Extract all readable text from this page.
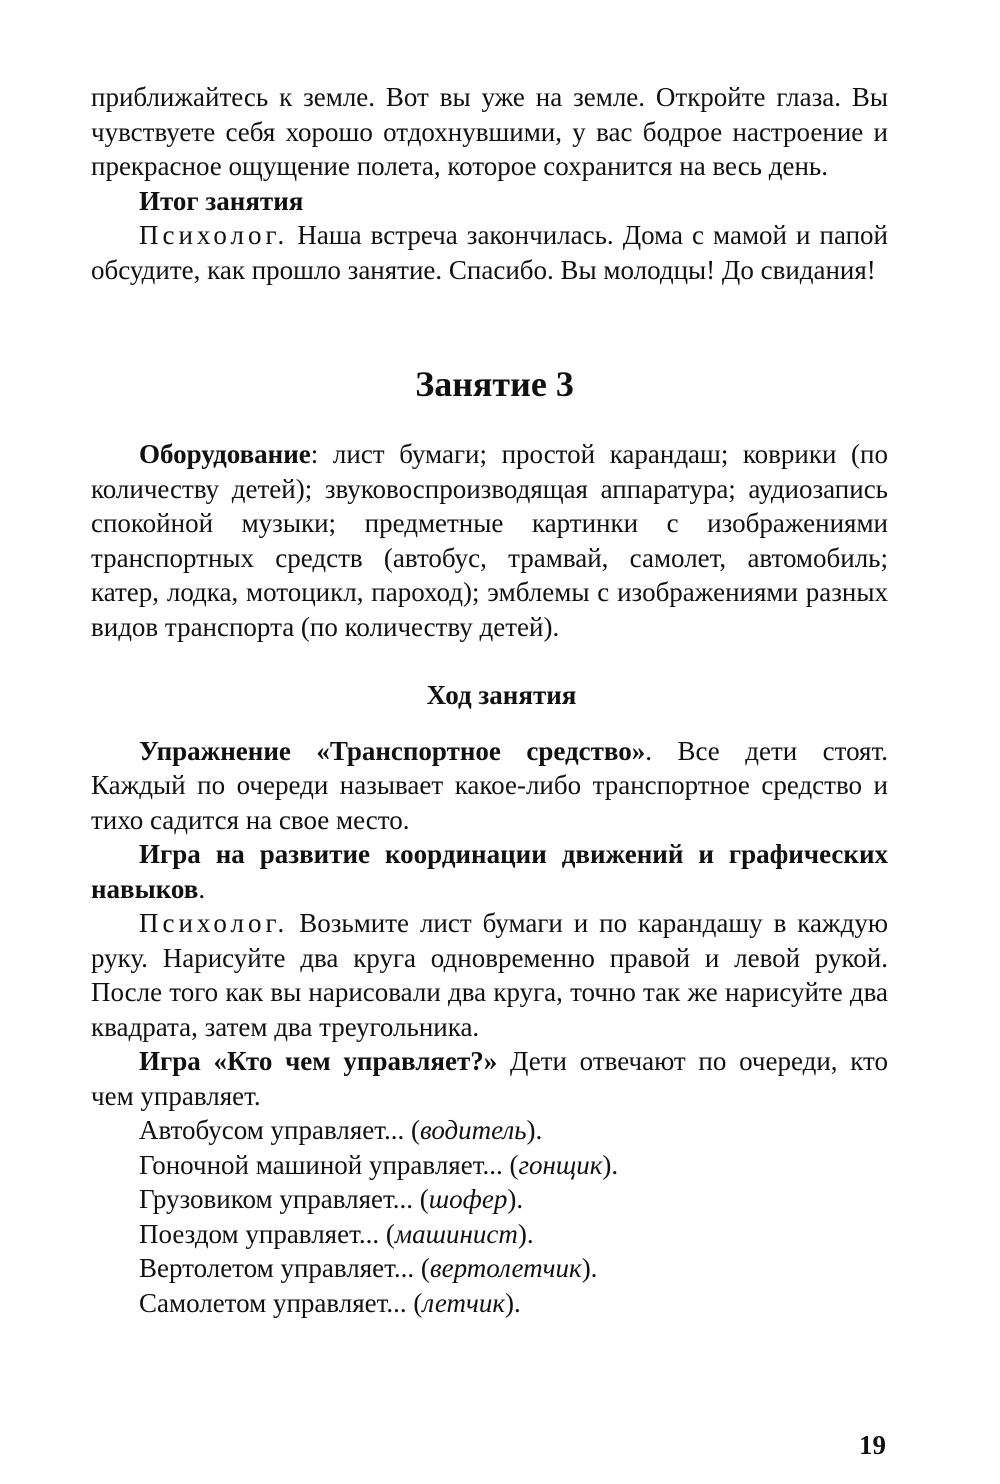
приближайтесь к земле. Вот вы уже на земле. Откройте глаза. Вы чувствуете себя хорошо отдохнувшими, у вас бодрое настроение и прекрасное ощущение полета, которое сохранится на весь день.

Итог занятия

Психолог. Наша встреча закончилась. Дома с мамой и папой обсудите, как прошло занятие. Спасибо. Вы молодцы! До свидания!

Занятие 3

Оборудование: лист бумаги; простой карандаш; коврики (по количеству детей); звуковоспроизводящая аппаратура; аудиозапись спокойной музыки; предметные картинки с изображениями транспортных средств (автобус, трамвай, самолет, автомобиль; катер, лодка, мотоцикл, пароход); эмблемы с изображениями разных видов транспорта (по количеству детей).

Ход занятия

Упражнение «Транспортное средство». Все дети стоят. Каждый по очереди называет какое-либо транспортное средство и тихо садится на свое место.

Игра на развитие координации движений и графических навыков.

Психолог. Возьмите лист бумаги и по карандашу в каждую руку. Нарисуйте два круга одновременно правой и левой рукой. После того как вы нарисовали два круга, точно так же нарисуйте два квадрата, затем два треугольника.

Игра «Кто чем управляет?» Дети отвечают по очереди, кто чем управляет.

Автобусом управляет... (водитель).

Гоночной машиной управляет... (гонщик).

Грузовиком управляет... (шофер).

Поездом управляет... (машинист).

Вертолетом управляет... (вертолетчик).

Самолетом управляет... (летчик).

19
